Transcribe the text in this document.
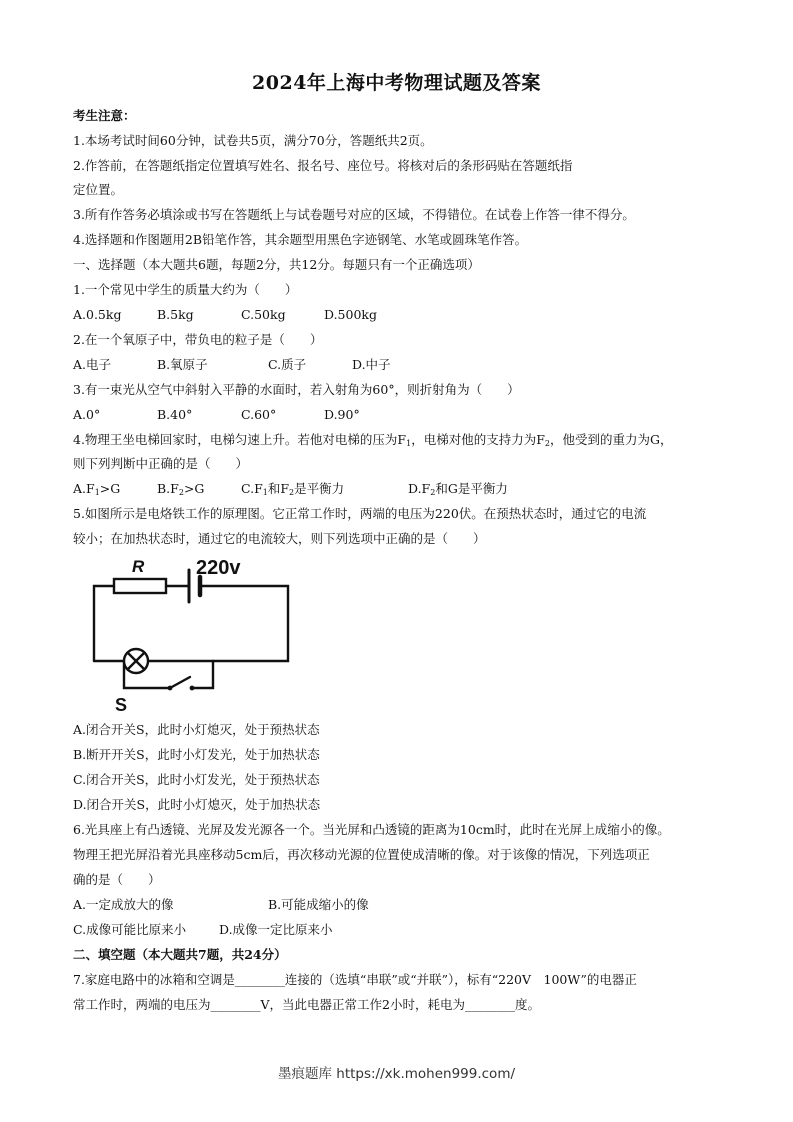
2024年上海中考物理试题及答案
考生注意：
1.本场考试时间60分钟，试卷共5页，满分70分，答题纸共2页。
2.作答前，在答题纸指定位置填写姓名、报名号、座位号。将核对后的条形码贴在答题纸指
定位置。
3.所有作答务必填涂或书写在答题纸上与试卷题号对应的区域，不得错位。在试卷上作答一律不得分。
4.选择题和作图题用2B铅笔作答，其余题型用黑色字迹钢笔、水笔或圆珠笔作答。
一、选择题（本大题共6题，每题2分，共12分。每题只有一个正确选项）
1.一个常见中学生的质量大约为（　　）
A.0.5kg	B.5kg	C.50kg	D.500kg
2.在一个氧原子中，带负电的粒子是（　　）
A.电子	B.氧原子	C.质子	D.中子
3.有一束光从空气中斜射入平静的水面时，若入射角为60°，则折射角为（　　）
A.0°	B.40°	C.60°	D.90°
4.物理王坐电梯回家时，电梯匀速上升。若他对电梯的压为$F_1$，电梯对他的支持力为$F_2$，他受到的重力为G，
则下列判断中正确的是（　　）
$A.F_1>G$	$B.F_2>G$	$C.F_1$和$F_2$是平衡力	$D.F_2$和G是平衡力
5.如图所示是电烙铁工作的原理图。它正常工作时，两端的电压为220伏。在预热状态时，通过它的电流
较小；在加热状态时，通过它的电流较大，则下列选项中正确的是（　　）
R	220v
S
A.闭合开关S，此时小灯熄灭，处于预热状态
B.断开开关S，此时小灯发光，处于加热状态
C.闭合开关S，此时小灯发光，处于预热状态
D.闭合开关S，此时小灯熄灭，处于加热状态
6.光具座上有凸透镜、光屏及发光源各一个。当光屏和凸透镜的距离为10cm时，此时在光屏上成缩小的像。
物理王把光屏沿着光具座移动5cm后，再次移动光源的位置使成清晰的像。对于该像的情况，下列选项正
确的是（　　）
A.一定成放大的像	B.可能成缩小的像
C.成像可能比原来小	D.成像一定比原来小
二、填空题（本大题共7题，共24分）
7.家庭电路中的冰箱和空调是________连接的（选填“串联”或“并联”），标有“220V　100W”的电器正
常工作时，两端的电压为________V，当此电器正常工作2小时，耗电为________度。
墨痕题库 https://xk.mohen999.com/
